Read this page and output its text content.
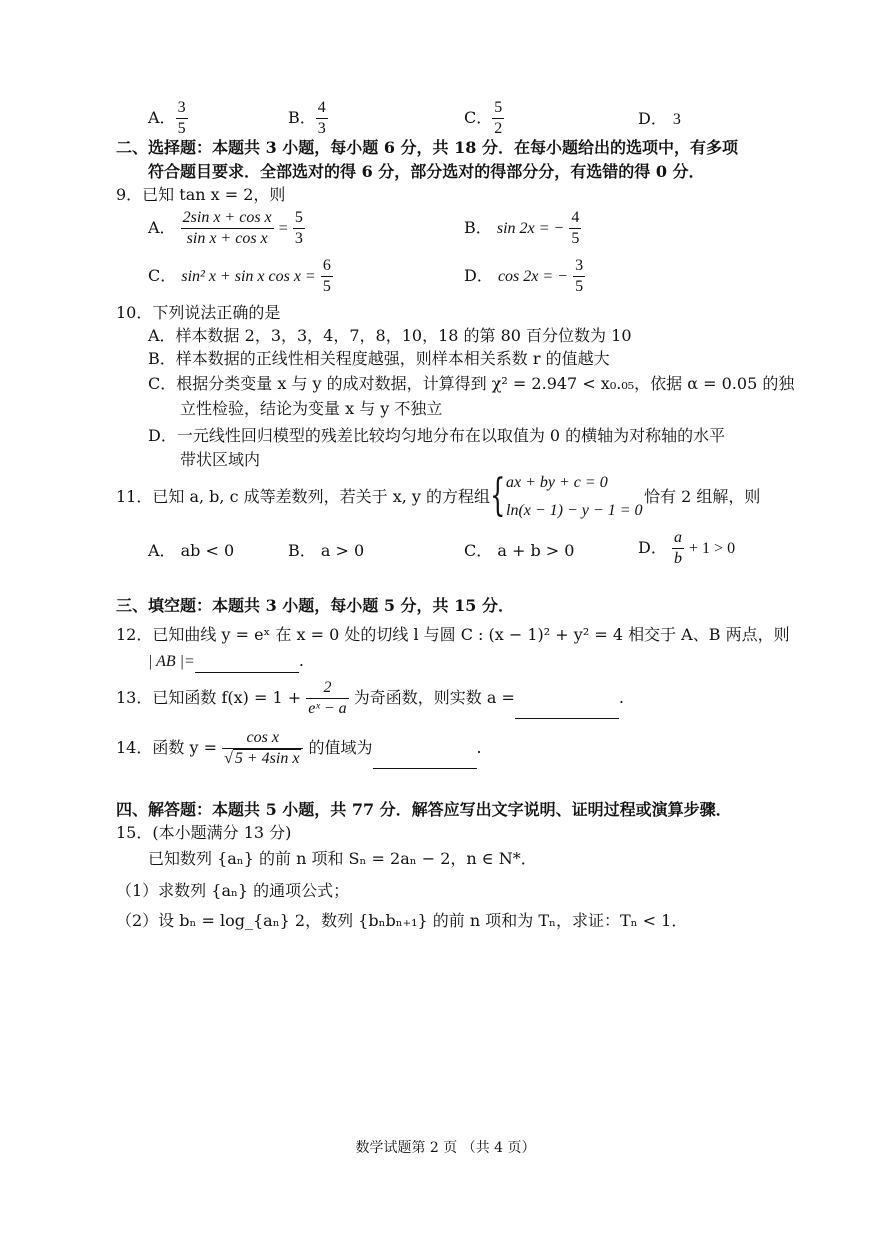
A． $\frac{3}{5}$	B． $\frac{4}{3}$	C． $\frac{5}{2}$	D． 3
二、选择题：本题共 3 小题，每小题 6 分，共 18 分．在每小题给出的选项中，有多项
符合题目要求．全部选对的得 6 分，部分选对的得部分分，有选错的得 0 分．
9．已知 tan x = 2，则
A． $\frac{\text{2sin x + cos x}}{\text{sin x + cos x}} = \frac{5}{3}$	B． sin 2x = − $\frac{4}{5}$
C． sin² x + sin x $\cos x = \frac{6}{5}$	D． cos 2x = − $\frac{3}{5}$
10．下列说法正确的是
A．样本数据 2，3，3，4，7，8，10，18 的第 80 百分位数为 10
B．样本数据的正线性相关程度越强，则样本相关系数 r 的值越大
C．根据分类变量 x 与 y 的成对数据，计算得到 χ² = 2.947 < x₀.₀₅，依据 α = 0.05 的独
立性检验，结论为变量 x 与 y 不独立
D．一元线性回归模型的残差比较均匀地分布在以取值为 0 的横轴为对称轴的水平
带状区域内
11．已知 a, b, c 成等差数列，若关于 x, y 的方程组 { ax + by + c = 0
ln(x − 1) − y − 1 = 0
恰有 2 组解，则
A． ab < 0	B． a > 0	C． a + b > 0	D． $\frac{a}{b} + 1 > 0$
三、填空题：本题共 3 小题，每小题 5 分，共 15 分．
12．已知曲线 y = eˣ 在 x = 0 处的切线 l 与圆 C : (x − 1)² + y² = 4 相交于 A、B 两点，则
| AB |=	.
13．已知函数 $f(x) = 1 + \frac{2}{\text{eˣ − a}}$ 为奇函数，则实数 a =	.
14．函数 $y = \frac{\text{cos x}}{\text{√ 5 + 4sin x}}$ 的值域为	.
四、解答题：本题共 5 小题，共 77 分．解答应写出文字说明、证明过程或演算步骤．
15．(本小题满分 13 分)
已知数列 {aₙ} 的前 n 项和 Sₙ = 2aₙ − 2，n ∈ N*．
（1）求数列 {aₙ} 的通项公式；
（2）设 bₙ = log_{aₙ} 2，数列 {bₙbₙ₊₁} 的前 n 项和为 Tₙ，求证：Tₙ < 1．
数学试题第 2 页 （共 4 页）
